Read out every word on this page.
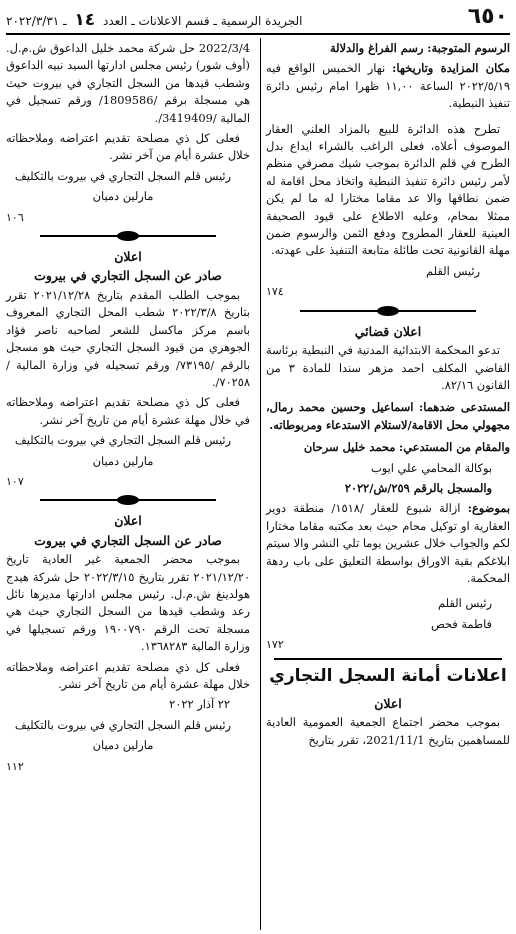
٦٥٠
الجريدة الرسمية ـ قسم الاعلانات ـ العدد ١٤ ـ ٢٠٢٢/٣/٣١

الرسوم المتوجبة: رسم الفراغ والدلالة

مكان المزايدة وتاريخها: نهار الخميس الواقع فيه ٢٠٢٢/٥/١٩ الساعة ١١,٠٠ ظهرا امام رئيس دائرة تنفيذ النبطية.

تطرح هذه الدائرة للبيع بالمزاد العلني العقار الموصوف أعلاه، فعلى الراغب بالشراء ايداع بدل الطرح في قلم الدائرة بموجب شيك مصرفي منظم لأمر رئيس دائرة تنفيذ النبطية واتخاذ محل اقامة له ضمن نطاقها والا عد مقاما مختارا له ما لم يكن ممثلا بمحام، وعليه الاطلاع على قيود الصحيفة العينية للعقار المطروح ودفع الثمن والرسوم ضمن مهلة القانونية تحت طائلة متابعة التنفيذ على عهدته.

رئيس القلم

١٧٤
اعلان قضائي

تدعو المحكمة الابتدائية المدنية في النبطية برئاسة القاضي المكلف احمد مزهر سندا للمادة ٣ من القانون ٨٢/١٦.

المستدعى ضدهما: اسماعيل وحسين محمد رمال، مجهولي محل الاقامة/لاستلام الاستدعاء ومربوطاته.

والمقام من المستدعي: محمد خليل سرحان

بوكالة المحامي علي ايوب

والمسجل بالرقم ٢٥٩/ش/٢٠٢٢

بموضوع: ازالة شيوع للعقار /١٥١٨/ منطقة دوير العقارية او توكيل محام حيث بعد مكتبه مقاما مختارا لكم والجواب خلال عشرين يوما تلي النشر والا سيتم ابلاغكم بقية الاوراق بواسطة التعليق على باب ردهة المحكمة.

رئيس القلم

فاطمة فحص

١٧٢
اعلانات أمانة السجل التجاري
اعلان

بموجب محضر اجتماع الجمعية العمومية العادية للمساهمين بتاريخ 2021/11/1، تقرر بتاريخ

2022/3/4 حل شركة محمد خليل الداعوق ش.م.ل. (أوف شور) رئيس مجلس ادارتها السيد نبيه الداعوق وشطب قيدها من السجل التجاري في بيروت حيث هي مسجلة برقم /1809586/ ورقم تسجيل في المالية /3419409/.

فعلى كل ذي مصلحة تقديم اعتراضه وملاحظاته خلال عشرة أيام من آخر نشر.

رئيس قلم السجل التجاري في بيروت بالتكليف

مارلين دميان

١٠٦
اعلان
صادر عن السجل التجاري في بيروت

بموجب الطلب المقدم بتاريخ ٢٠٢١/١٢/٢٨ تقرر بتاريخ ٢٠٢٢/٣/٨ شطب المحل التجاري المعروف باسم مركز ماكسل للشعر لصاحبه ناصر فؤاد الجوهري من قيود السجل التجاري حيث هو مسجل بالرقم /٧٣١٩٥/ ورقم تسجيله في وزارة المالية /٧٠٢٥٨/.

فعلى كل ذي مصلحة تقديم اعتراضه وملاحظاته في خلال مهلة عشرة أيام من تاريخ آخر نشر.

رئيس قلم السجل التجاري في بيروت بالتكليف

مارلين دميان

١٠٧
اعلان
صادر عن السجل التجاري في بيروت

بموجب محضر الجمعية غير العادية تاريخ ٢٠٢١/١٢/٢٠ تقرر بتاريخ ٢٠٢٢/٣/١٥ حل شركة هيدج هولدينغ ش.م.ل. رئيس مجلس ادارتها مديرها نائل رعد وشطب قيدها من السجل التجاري حيث هي مسجلة تحت الرقم ١٩٠٠٧٩٠ ورقم تسجيلها في وزارة المالية ١٣٦٨٢٨٣.

فعلى كل ذي مصلحة تقديم اعتراضه وملاحظاته خلال مهلة عشرة أيام من تاريخ آخر نشر.

٢٢ آذار ٢٠٢٢

رئيس قلم السجل التجاري في بيروت بالتكليف

مارلين دميان

١١٢
